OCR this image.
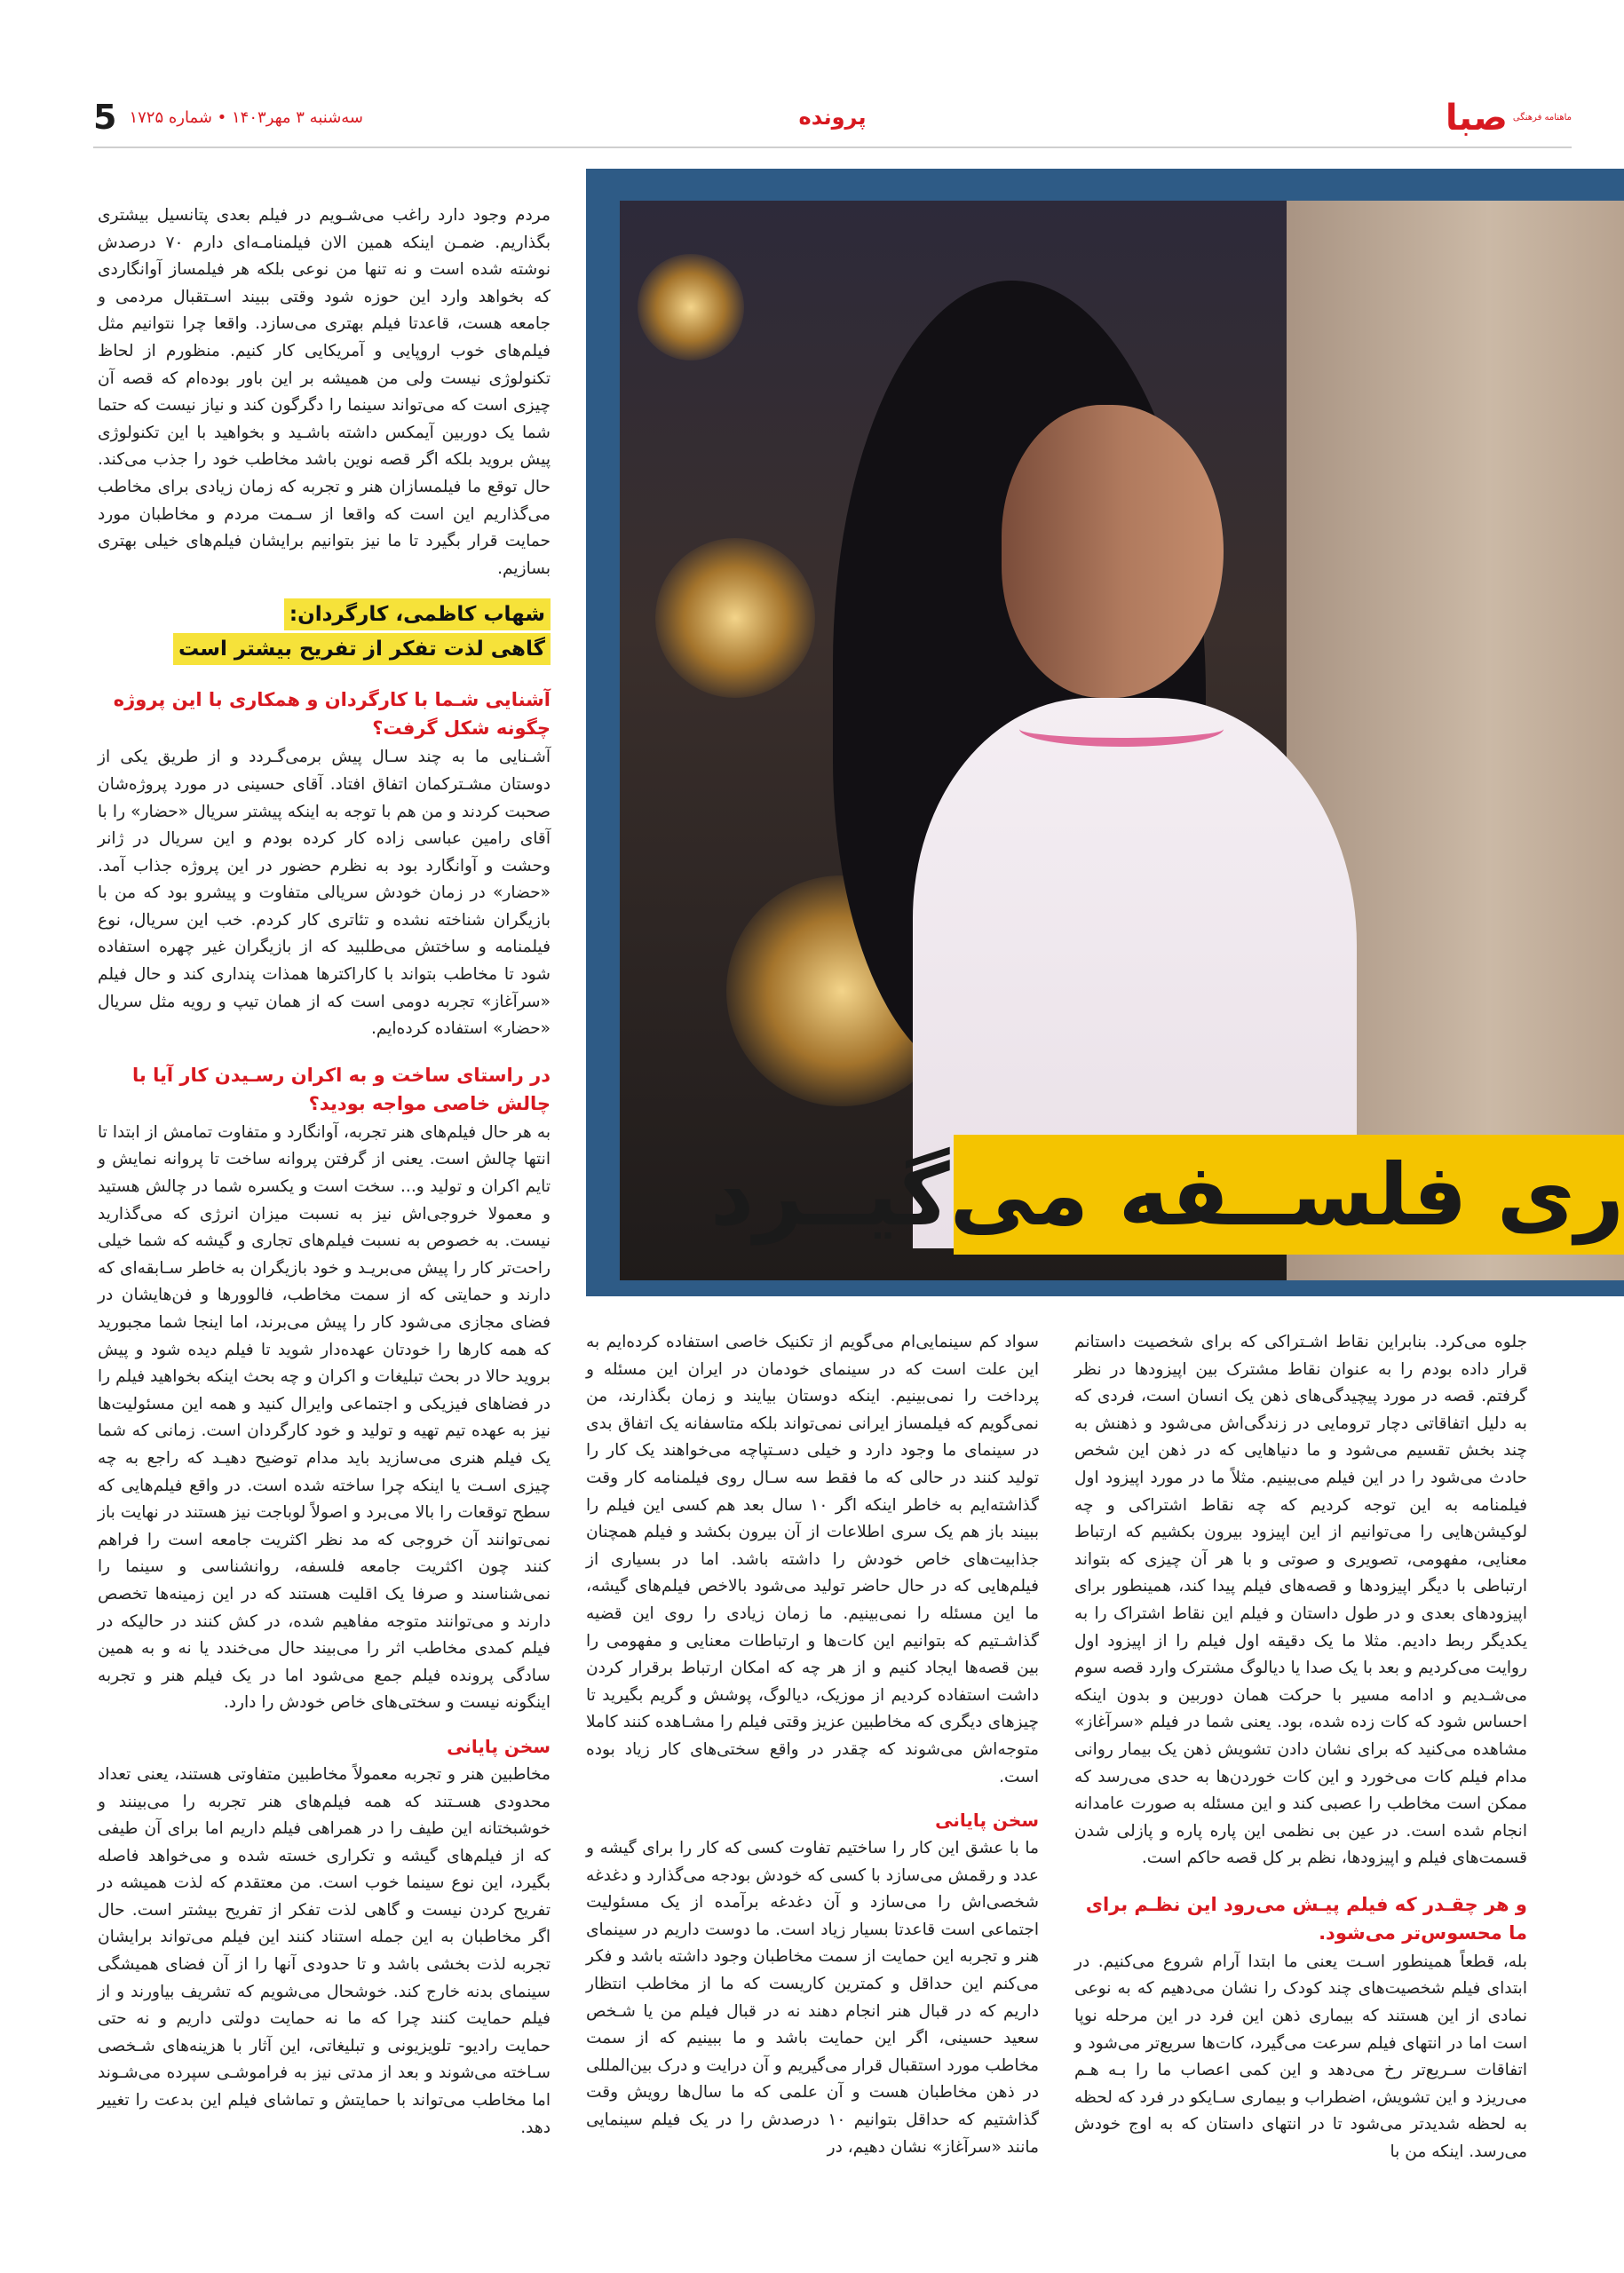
ماهنامه فرهنگی
صبا
پرونده
5 سه‌شنبه ۳ مهر۱۴۰۳ • شماره ۱۷۲۵
ری فلســفه می‌گیــرد

مردم وجود دارد راغب می‌شـویم در فیلم بعدی پتانسیل بیشتری بگذاریم. ضمـن اینکه همین الان فیلمنامـه‌ای دارم ۷۰ درصدش نوشته شده است و نه تنها من نوعی بلکه هر فیلمساز آوانگاردی که بخواهد وارد این حوزه شود وقتی ببیند اسـتقبال مردمی و جامعه هست، قاعدتا فیلم بهتری می‌سازد. واقعا چرا نتوانیم مثل فیلم‌های خوب اروپایی و آمریکایی کار کنیم. منظورم از لحاظ تکنولوژی نیست ولی من همیشه بر این باور بوده‌ام که قصه آن چیزی است که می‌تواند سینما را دگرگون کند و نیاز نیست که حتما شما یک دوربین آیمکس داشته باشـید و بخواهید با این تکنولوژی پیش بروید بلکه اگر قصه نوین باشد مخاطب خود را جذب می‌کند. حال توقع ما فیلمسازان هنر و تجربه که زمان زیادی برای مخاطب می‌گذاریم این است که واقعا از سـمت مردم و مخاطبان مورد حمایت قرار بگیرد تا ما نیز بتوانیم برایشان فیلم‌های خیلی بهتری بسازیم.

شهاب کاظمی، کارگردان:
گاهی لذت تفکر از تفریح بیشتر است
آشنایی شـما با کارگردان و همکاری با این پروژه چگونه شکل گرفت؟

آشـنایی ما به چند سـال پیش برمی‌گـردد و از طریق یکی از دوستان مشـترکمان اتفاق افتاد. آقای حسینی در مورد پروژه‌شان صحبت کردند و من هم با توجه به اینکه پیشتر سریال «حضار» را با آقای رامین عباسی زاده کار کرده بودم و این سریال در ژانر وحشت و آوانگارد بود به نظرم حضور در این پروژه جذاب آمد. «حضار» در زمان خودش سریالی متفاوت و پیشرو بود که من با بازیگران شناخته نشده و تئاتری کار کردم. خب این سریال، نوع فیلمنامه و ساختش می‌طلبید که از بازیگران غیر چهره استفاده شود تا مخاطب بتواند با کاراکترها همذات پنداری کند و حال فیلم «سرآغاز» تجربه دومی است که از همان تیپ و رویه مثل سریال «حضار» استفاده کرده‌ایم.

در راستای ساخت و به اکران رسـیدن کار آیا با چالش خاصی مواجه بودید؟

به هر حال فیلم‌های هنر تجربه، آوانگارد و متفاوت تمامش از ابتدا تا انتها چالش است. یعنی از گرفتن پروانه ساخت تا پروانه نمایش و تایم اکران و تولید و... سخت است و یکسره شما در چالش هستید و معمولا خروجی‌اش نیز به نسبت میزان انرژی که می‌گذارید نیست. به خصوص به نسبت فیلم‌های تجاری و گیشه که شما خیلی راحت‌تر کار را پیش می‌بریـد و خود بازیگران به خاطر سـابقه‌ای که دارند و حمایتی که از سمت مخاطب، فالوورها و فن‌هایشان در فضای مجازی می‌شود کار را پیش می‌برند، اما اینجا شما مجبورید که همه کارها را خودتان عهده‌دار شوید تا فیلم دیده شود و پیش بروید حالا در بحث تبلیغات و اکران و چه بحث اینکه بخواهید فیلم را در فضاهای فیزیکی و اجتماعی وایرال کنید و همه این مسئولیت‌ها نیز به عهده تیم تهیه و تولید و خود کارگردان است. زمانی که شما یک فیلم هنری می‌سازید باید مدام توضیح دهیـد که راجع به چه چیزی اسـت یا اینکه چرا ساخته شده است. در واقع فیلم‌هایی که سطح توقعات را بالا می‌برد و اصولاً لوباجت نیز هستند در نهایت باز نمی‌توانند آن خروجی که مد نظر اکثریت جامعه است را فراهم کنند چون اکثریت جامعه فلسفه، روانشناسی و سینما را نمی‌شناسند و صرفا یک اقلیت هستند که در این زمینه‌ها تخصص دارند و می‌توانند متوجه مفاهیم شده، در کش کنند در حالیکه در فیلم کمدی مخاطب اثر را می‌بیند حال می‌خندد یا نه و به همین سادگی پرونده فیلم جمع می‌شود اما در یک فیلم هنر و تجربه اینگونه نیست و سختی‌های خاص خودش را دارد.

سخن پایانی

مخاطبین هنر و تجربه معمولاً مخاطبین متفاوتی هستند، یعنی تعداد محدودی هسـتند که همه فیلم‌های هنر تجربه را می‌بینند و خوشبختانه این طیف را در همراهی فیلم داریم اما برای آن طیفی که از فیلم‌های گیشه و تکراری خسته شده و می‌خواهد فاصله بگیرد، این نوع سینما خوب است. من معتقدم که لذت همیشه در تفریح کردن نیست و گاهی لذت تفکر از تفریح بیشتر است. حال اگر مخاطبان به این جمله استناد کنند این فیلم می‌تواند برایشان تجربه لذت بخشی باشد و تا حدودی آنها را از آن فضای همیشگی سینمای بدنه خارج کند. خوشحال می‌شویم که تشریف بیاورند و از فیلم حمایت کنند چرا که ما نه حمایت دولتی داریم و نه حتی حمایت رادیو- تلویزیونی و تبلیغاتی، این آثار با هزینه‌های شـخصی سـاخته می‌شوند و بعد از مدتی نیز به فراموشـی سپرده می‌شـوند اما مخاطب می‌تواند با حمایتش و تماشای فیلم این بدعت را تغییر دهد.

سواد کم سینمایی‌ام می‌گویم از تکنیک خاصی استفاده کرده‌ایم به این علت است که در سینمای خودمان در ایران این مسئله و پرداخت را نمی‌بینیم. اینکه دوستان بیایند و زمان بگذارند، من نمی‌گویم که فیلمساز ایرانی نمی‌تواند بلکه متاسفانه یک اتفاق بدی در سینمای ما وجود دارد و خیلی دسـتپاچه می‌خواهند یک کار را تولید کنند در حالی که ما فقط سه سـال روی فیلمنامه کار وقت گذاشته‌ایم به خاطر اینکه اگر ۱۰ سال بعد هم کسی این فیلم را ببیند باز هم یک سری اطلاعات از آن بیرون بکشد و فیلم همچنان جذابیت‌های خاص خودش را داشته باشد. اما در بسیاری از فیلم‌هایی که در حال حاضر تولید می‌شود بالاخص فیلم‌های گیشه، ما این مسئله را نمی‌بینیم. ما زمان زیادی را روی این قضیه گذاشـتیم که بتوانیم این کات‌ها و ارتباطات معنایی و مفهومی را بین قصه‌ها ایجاد کنیم و از هر چه که امکان ارتباط برقرار کردن داشت استفاده کردیم از موزیک، دیالوگ، پوشش و گریم بگیرید تا چیزهای دیگری که مخاطبین عزیز وقتی فیلم را مشـاهده کنند کاملا متوجه‌اش می‌شوند که چقدر در واقع سختی‌های کار زیاد بوده است.

سخن پایانی

ما با عشق این کار را ساختیم تفاوت کسی که کار را برای گیشه و عدد و رقمش می‌سازد با کسی که خودش بودجه می‌گذارد و دغدغه شخصی‌اش را می‌سازد و آن دغدغه برآمده از یک مسئولیت اجتماعی است قاعدتا بسیار زیاد است. ما دوست داریم در سینمای هنر و تجربه این حمایت از سمت مخاطبان وجود داشته باشد و فکر می‌کنم این حداقل و کمترین کاریست که ما از مخاطب انتظار داریم که در قبال هنر انجام دهند نه در قبال فیلم من یا شـخص سعید حسینی، اگر این حمایت باشد و ما ببینیم که از سمت مخاطب مورد استقبال قرار می‌گیریم و آن درایت و درک بین‌المللی در ذهن مخاطبان هست و آن علمی که ما سال‌ها رویش وقت گذاشتیم که حداقل بتوانیم ۱۰ درصدش را در یک فیلم سینمایی مانند «سرآغاز» نشان دهیم، در

جلوه می‌کرد. بنابراین نقاط اشـتراکی که برای شخصیت داستانم قرار داده بودم را به عنوان نقاط مشترک بین اپیزودها در نظر گرفتم. قصه در مورد پیچیدگی‌های ذهن یک انسان است، فردی که به دلیل اتفاقاتی دچار ترومایی در زندگی‌اش می‌شود و ذهنش به چند بخش تقسیم می‌شود و ما دنیاهایی که در ذهن این شخص حادث می‌شود را در این فیلم می‌بینیم. مثلاً ما در مورد اپیزود اول فیلمنامه به این توجه کردیم که چه نقاط اشتراکی و چه لوکیشن‌هایی را می‌توانیم از این اپیزود بیرون بکشیم که ارتباط معنایی، مفهومی، تصویری و صوتی و با هر آن چیزی که بتواند ارتباطی با دیگر اپیزودها و قصه‌های فیلم پیدا کند، همینطور برای اپیزودهای بعدی و در طول داستان و فیلم این نقاط اشتراک را به یکدیگر ربط دادیم. مثلا ما یک دقیقه اول فیلم را از اپیزود اول روایت می‌کردیم و بعد با یک صدا یا دیالوگ مشترک وارد قصه سوم می‌شـدیم و ادامه مسیر با حرکت همان دوربین و بدون اینکه احساس شود که کات زده شده، بود. یعنی شما در فیلم «سرآغاز» مشاهده می‌کنید که برای نشان دادن تشویش ذهن یک بیمار روانی مدام فیلم کات می‌خورد و این کات خوردن‌ها به حدی می‌رسد که ممکن است مخاطب را عصبی کند و این مسئله به صورت عامدانه انجام شده است. در عین بی نظمی این پاره پاره و پازلی شدن قسمت‌های فیلم و اپیزودها، نظم بر کل قصه حاکم است.

و هر چقـدر که فیلم پیـش می‌رود این نظـم برای ما محسوس‌تر می‌شود.

بله، قطعاً همینطور اسـت یعنی ما ابتدا آرام شروع می‌کنیم. در ابتدای فیلم شخصیت‌های چند کودک را نشان می‌دهیم که به نوعی نمادی از این هستند که بیماری ذهن این فرد در این مرحله نوپا است اما در انتهای فیلم سرعت می‌گیرد، کات‌ها سریع‌تر می‌شود و اتفاقات سـریع‌تر رخ می‌دهد و این کمی اعصاب ما را بـه هـم می‌ریزد و این تشویش، اضطراب و بیماری سـایکو در فرد که لحظه به لحظه شدیدتر می‌شود تا در انتهای داستان که به اوج خودش می‌رسد. اینکه من با
